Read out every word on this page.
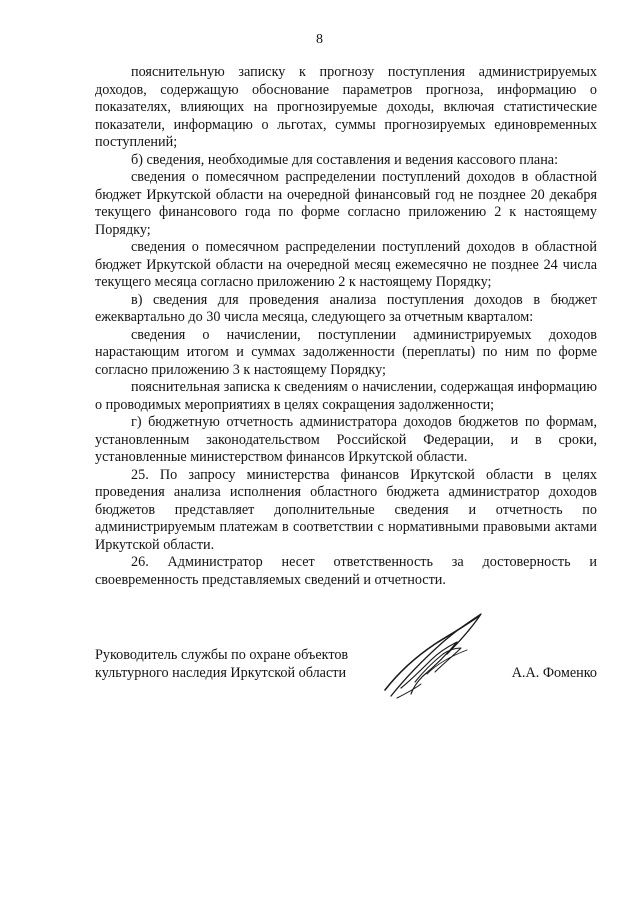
8

пояснительную записку к прогнозу поступления администрируемых доходов, содержащую обоснование параметров прогноза, информацию о показателях, влияющих на прогнозируемые доходы, включая статистические показатели, информацию о льготах, суммы прогнозируемых единовременных поступлений;

б) сведения, необходимые для составления и ведения кассового плана:

сведения о помесячном распределении поступлений доходов в областной бюджет Иркутской области на очередной финансовый год не позднее 20 декабря текущего финансового года по форме согласно приложению 2 к настоящему Порядку;

сведения о помесячном распределении поступлений доходов в областной бюджет Иркутской области на очередной месяц ежемесячно не позднее 24 числа текущего месяца согласно приложению 2 к настоящему Порядку;

в) сведения для проведения анализа поступления доходов в бюджет ежеквартально до 30 числа месяца, следующего за отчетным кварталом:

сведения о начислении, поступлении администрируемых доходов нарастающим итогом и суммах задолженности (переплаты) по ним по форме согласно приложению 3 к настоящему Порядку;

пояснительная записка к сведениям о начислении, содержащая информацию о проводимых мероприятиях в целях сокращения задолженности;

г) бюджетную отчетность администратора доходов бюджетов по формам, установленным законодательством Российской Федерации, и в сроки, установленные министерством финансов Иркутской области.

25. По запросу министерства финансов Иркутской области в целях проведения анализа исполнения областного бюджета администратор доходов бюджетов представляет дополнительные сведения и отчетность по администрируемым платежам в соответствии с нормативными правовыми актами Иркутской области.

26. Администратор несет ответственность за достоверность и своевременность представляемых сведений и отчетности.

Руководитель службы по охране объектов
культурного наследия Иркутской области	А.А. Фоменко
